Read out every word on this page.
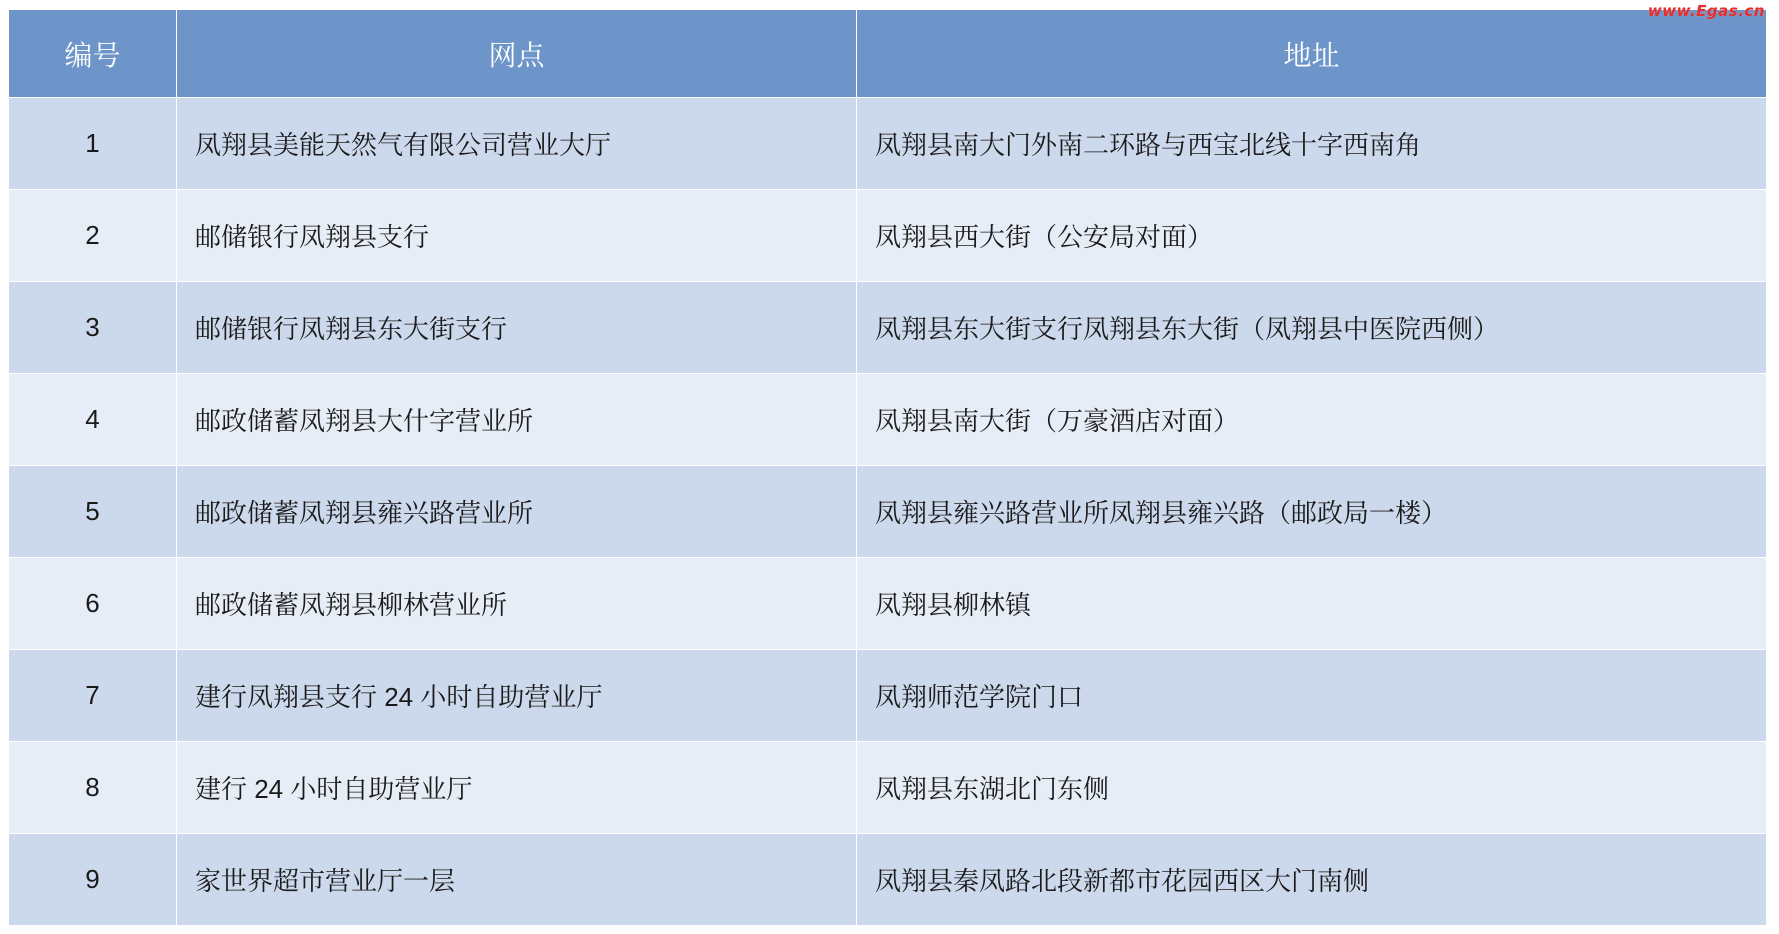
www.Egas.cn
编号	网点	地址
1	凤翔县美能天然气有限公司营业大厅	凤翔县南大门外南二环路与西宝北线十字西南角
2	邮储银行凤翔县支行	凤翔县西大街（公安局对面）
3	邮储银行凤翔县东大街支行	凤翔县东大街支行凤翔县东大街（凤翔县中医院西侧）
4	邮政储蓄凤翔县大什字营业所	凤翔县南大街（万豪酒店对面）
5	邮政储蓄凤翔县雍兴路营业所	凤翔县雍兴路营业所凤翔县雍兴路（邮政局一楼）
6	邮政储蓄凤翔县柳林营业所	凤翔县柳林镇
7	建行凤翔县支行 24 小时自助营业厅	凤翔师范学院门口
8	建行 24 小时自助营业厅	凤翔县东湖北门东侧
9	家世界超市营业厅一层	凤翔县秦凤路北段新都市花园西区大门南侧
